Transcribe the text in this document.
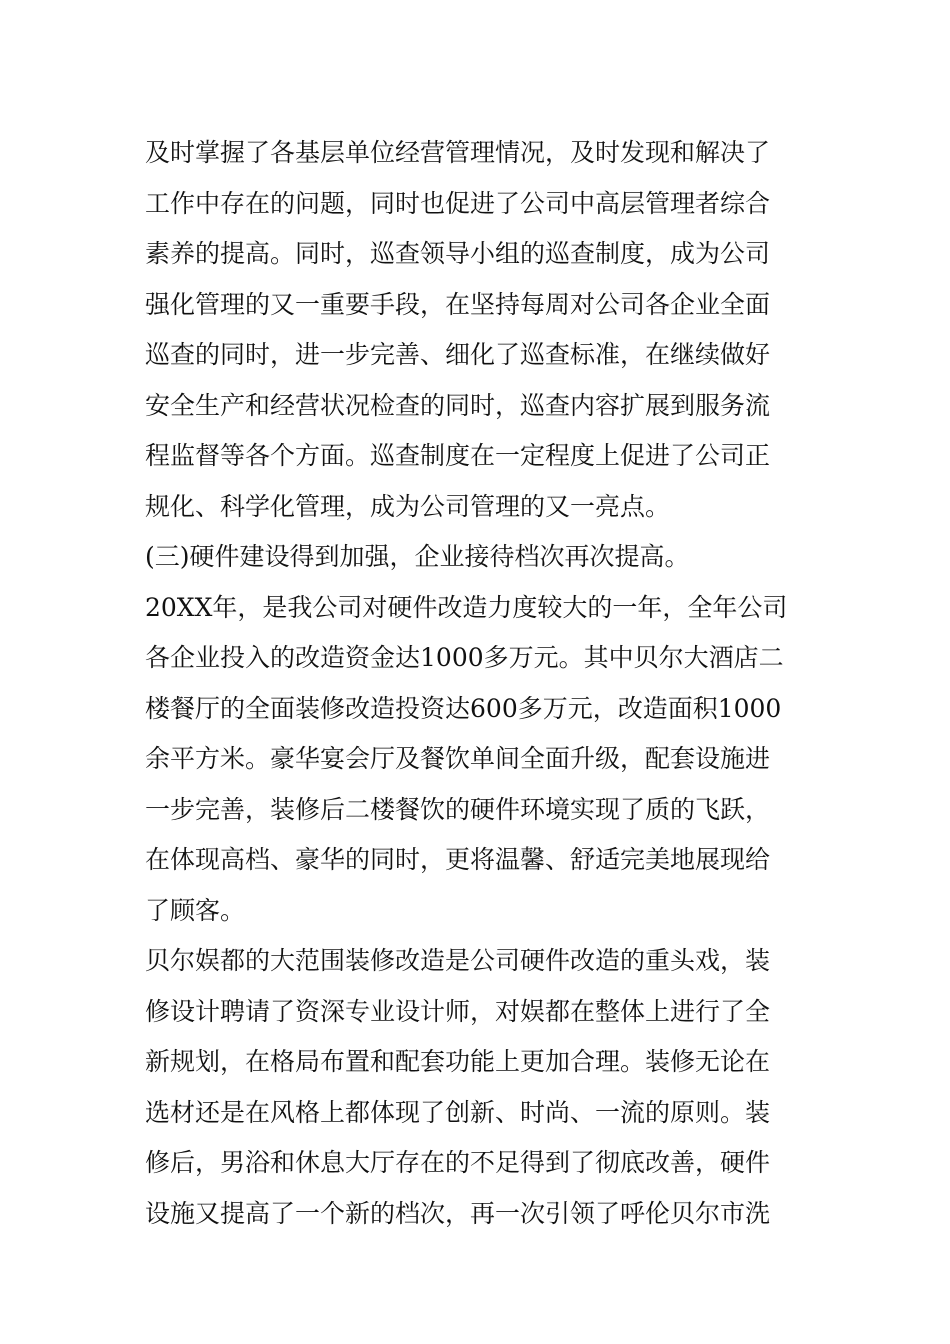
及时掌握了各基层单位经营管理情况，及时发现和解决了
工作中存在的问题，同时也促进了公司中高层管理者综合
素养的提高。同时，巡查领导小组的巡查制度，成为公司
强化管理的又一重要手段，在坚持每周对公司各企业全面
巡查的同时，进一步完善、细化了巡查标准，在继续做好
安全生产和经营状况检查的同时，巡查内容扩展到服务流
程监督等各个方面。巡查制度在一定程度上促进了公司正
规化、科学化管理，成为公司管理的又一亮点。
(三)硬件建设得到加强，企业接待档次再次提高。
20XX年，是我公司对硬件改造力度较大的一年，全年公司
各企业投入的改造资金达1000多万元。其中贝尔大酒店二
楼餐厅的全面装修改造投资达600多万元，改造面积1000
余平方米。豪华宴会厅及餐饮单间全面升级，配套设施进
一步完善，装修后二楼餐饮的硬件环境实现了质的飞跃，
在体现高档、豪华的同时，更将温馨、舒适完美地展现给
了顾客。
贝尔娱都的大范围装修改造是公司硬件改造的重头戏，装
修设计聘请了资深专业设计师，对娱都在整体上进行了全
新规划，在格局布置和配套功能上更加合理。装修无论在
选材还是在风格上都体现了创新、时尚、一流的原则。装
修后，男浴和休息大厅存在的不足得到了彻底改善，硬件
设施又提高了一个新的档次，再一次引领了呼伦贝尔市洗
